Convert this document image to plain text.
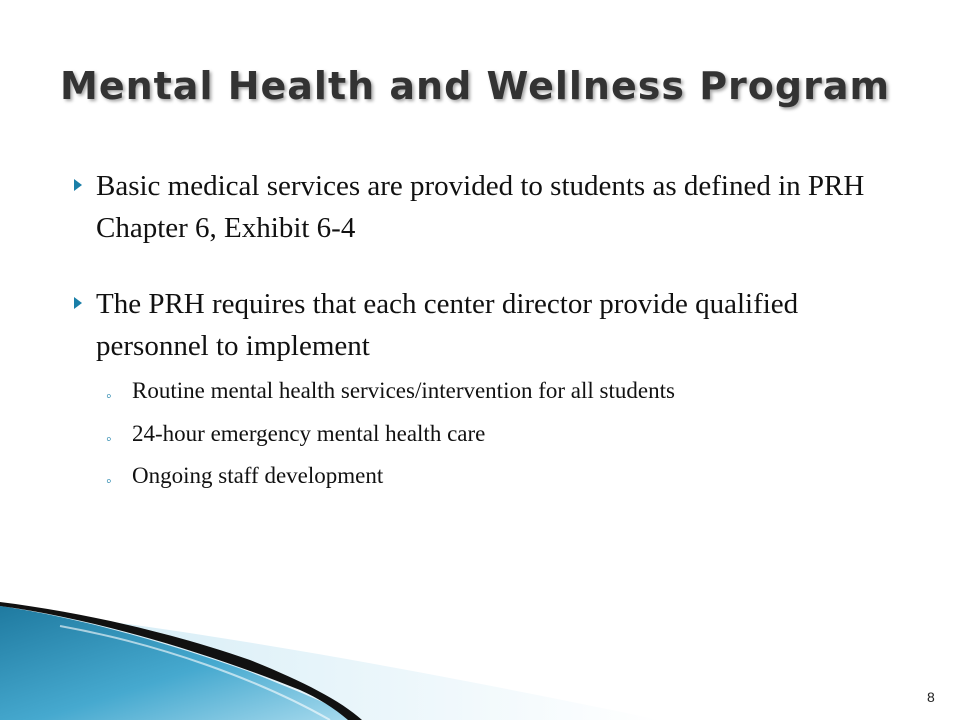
Mental Health and Wellness Program
Basic medical services are provided to students as defined in PRH Chapter 6, Exhibit 6-4
The PRH requires that each center director provide qualified personnel to implement
◦ Routine mental health services/intervention for all students
◦ 24-hour emergency mental health care
◦ Ongoing staff development
8
